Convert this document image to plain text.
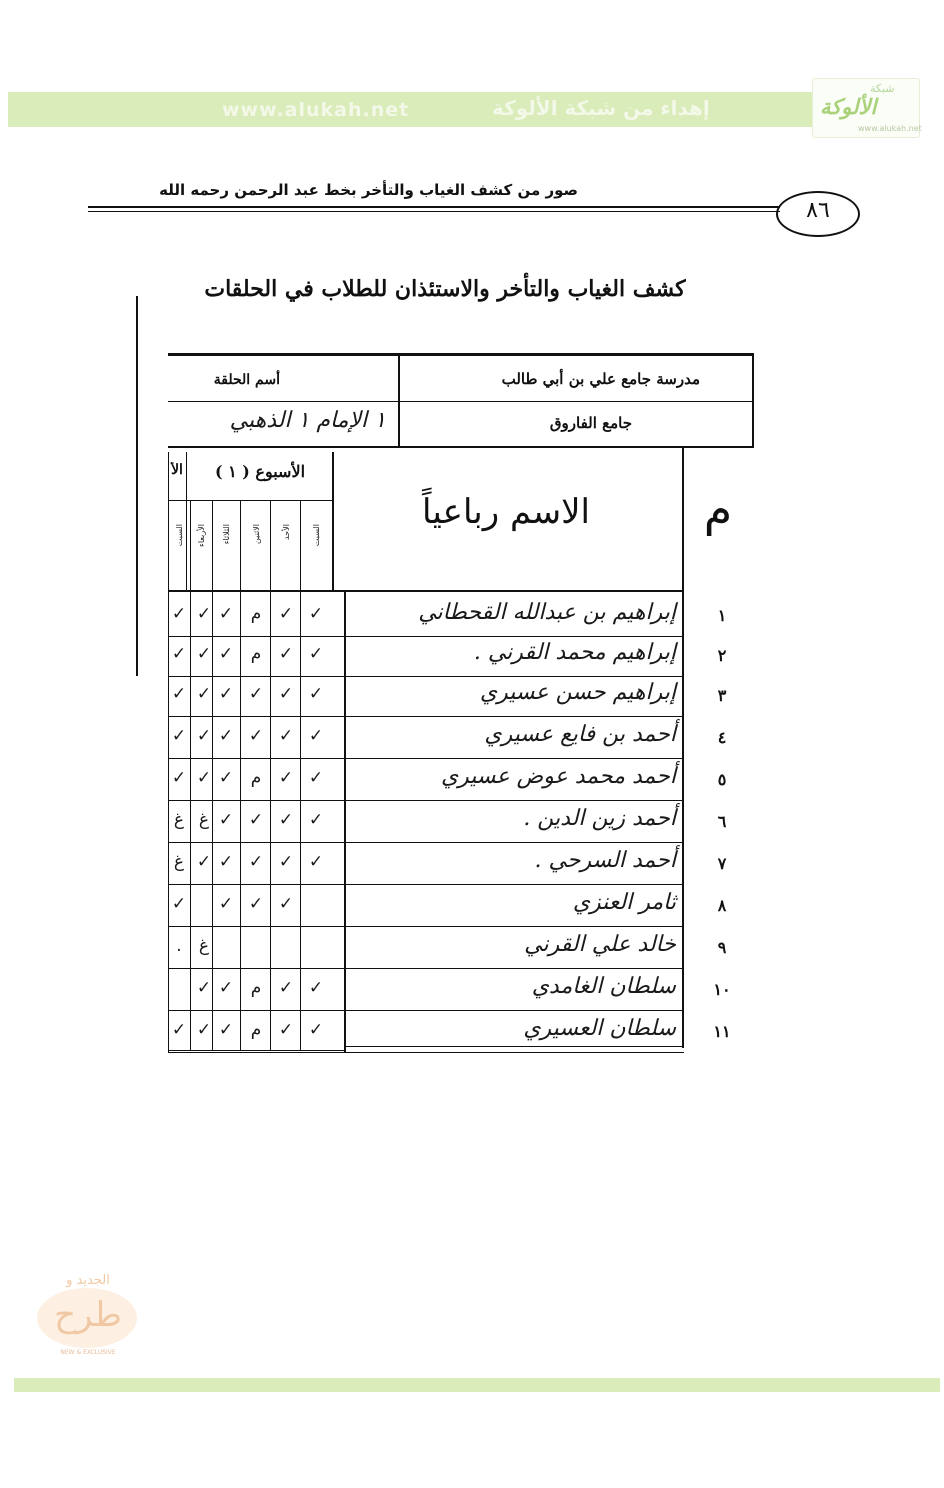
www.alukah.net	إهداء من شبكة الألوكة
شبكة
الألوكة
www.alukah.net
صور من كشف الغياب والتأخر بخط عبد الرحمن رحمه الله
٨٦
كشف الغياب والتأخر والاستئذان للطلاب في الحلقات
مدرسة جامع علي بن أبي طالب
جامع الفاروق
أسم الحلقة
١ الإمام ١ الذهبي
الأسبوع ( ١ )
الأ
الاسم رباعياً	م
السبت
الأحد
الاثنين
الثلاثاء
الأربعاء
السبت
١
إبراهيم بن عبدالله القحطاني
✓
✓
م
✓
✓
✓
٢
إبراهيم محمد القرني .
✓
✓
م
✓
✓
✓
٣
إبراهيم حسن عسيري
✓
✓
✓
✓
✓
✓
٤
أحمد بن فايع عسيري
✓
✓
✓
✓
✓
✓
٥
أحمد محمد عوض عسيري
✓
✓
م
✓
✓
✓
٦
أحمد زين الدين .
✓
✓
✓
✓
غ
غ
٧
أحمد السرحي .
✓
✓
✓
✓
✓
غ
٨
ثامر العنزي
✓
✓
✓
✓
٩
خالد علي القرني
غ
.
١٠
سلطان الغامدي
✓
✓
م
✓
✓
١١
سلطان العسيري
✓
✓
م
✓
✓
✓
الجديد و
طرح
NEW & EXCLUSIVE
